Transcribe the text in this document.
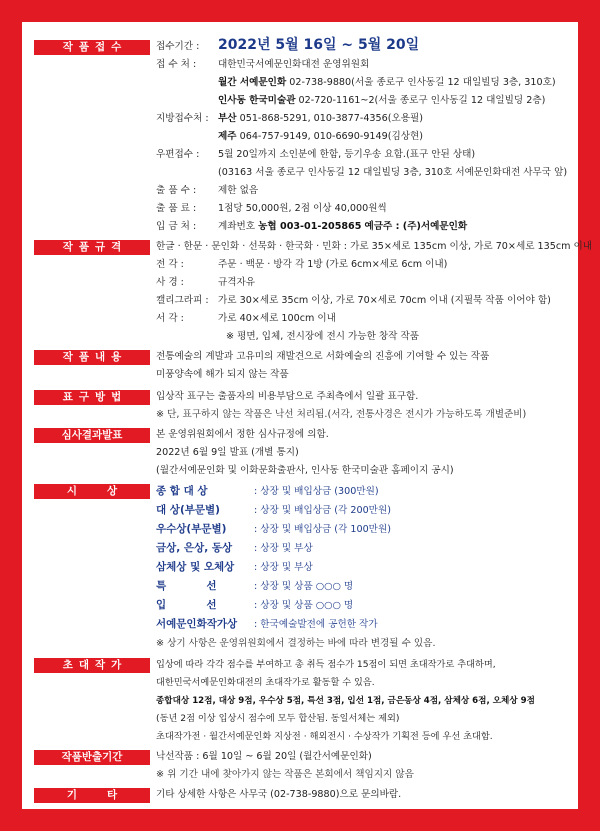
작품접수	접수기간 :	2022년 5월 16일 ~ 5월 20일
접 수 처 :	대한민국서예문인화대전 운영위원회
월간 서예문인화 02-738-9880(서울 종로구 인사동길 12 대일빌딩 3층, 310호)
인사동 한국미술관 02-720-1161~2(서울 종로구 인사동길 12 대일빌딩 2층)
지방접수처 : 부산 051-868-5291, 010-3877-4356(오용필)
제주 064-757-9149, 010-6690-9149(김상현)
우편접수 :	5월 20일까지 소인분에 한함, 등기우송 요함.(표구 안된 상태)
(03163 서울 종로구 인사동길 12 대일빌딩 3층, 310호 서예문인화대전 사무국 앞)
출 품 수 :	제한 없음
출 품 료 :	1점당 50,000원, 2점 이상 40,000원씩
입 금 처 :	계좌번호 농협 003-01-205865 예금주 : (주)서예문인화
작품규격	한글 · 한문 · 문인화 · 선묵화 · 한국화 · 민화 : 가로 35×세로 135cm 이상, 가로 70×세로 135cm 이내
전 각 :	주문 · 백문 · 방각 각 1방 (가로 6cm×세로 6cm 이내)
사 경 :	규격자유
캘리그라피 : 가로 30×세로 35cm 이상, 가로 70×세로 70cm 이내 (지필묵 작품 이어야 함)
서 각 :	가로 40×세로 100cm 이내
※ 평면, 입체, 전시장에 전시 가능한 창작 작품
작품내용	전통예술의 계발과 고유미의 재발견으로 서화예술의 진흥에 기여할 수 있는 작품
미풍양속에 해가 되지 않는 작품
표구방법	입상작 표구는 출품자의 비용부담으로 주최측에서 일괄 표구함.
※ 단, 표구하지 않는 작품은 낙선 처리됨.(서각, 전통사경은 전시가 가능하도록 개별준비)
심사결과발표	본 운영위원회에서 정한 심사규정에 의함.
2022년 6월 9일 발표 (개별 통지)
(월간서예문인화 및 이화문화출판사, 인사동 한국미술관 홈페이지 공시)
시상 종 합 대 상	: 상장 및 배입상금 (300만원)
대 상(부문별)	: 상장 및 배입상금 (각 200만원)
우수상(부문별)	: 상장 및 배입상금 (각 100만원)
금상, 은상, 동상 : 상장 및 부상
삼체상 및 오체상 : 상장 및 부상
특           선	: 상장 및 상품 ○○○ 명
입           선	: 상장 및 상품 ○○○ 명
서예문인화작가상 : 한국예술발전에 공헌한 작가
※ 상기 사항은 운영위원회에서 결정하는 바에 따라 변경될 수 있음.
초대작가	입상에 따라 각각 점수를 부여하고 총 취득 점수가 15점이 되면 초대작가로 추대하며,
대한민국서예문인화대전의 초대작가로 활동할 수 있음.
종합대상 12점, 대상 9점, 우수상 5점, 특선 3점, 입선 1점, 금은동상 4점, 삼체상 6점, 오체상 9점
(동년 2점 이상 입상시 점수에 모두 합산됨. 동일서체는 제외)
초대작가전 · 월간서예문인화 지상전 · 해외전시 · 수상작가 기획전 등에 우선 초대함.
작품반출기간	낙선작품 : 6월 10일 ~ 6월 20일 (월간서예문인화)
※ 위 기간 내에 찾아가지 않는 작품은 본회에서 책임지지 않음
기타 기타 상세한 사항은 사무국 (02-738-9880)으로 문의바람.
